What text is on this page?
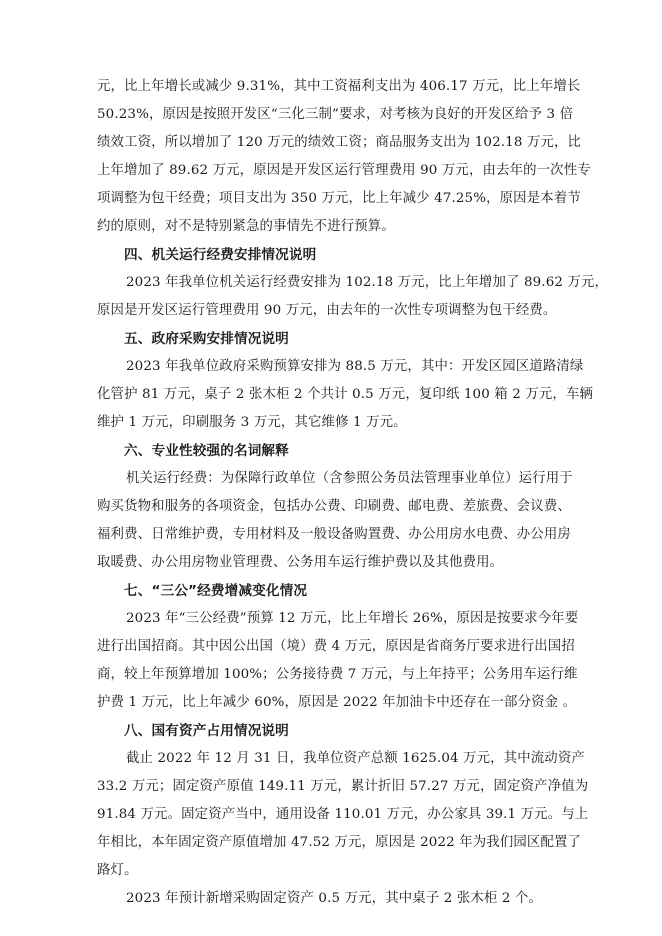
元，比上年增长或减少 9.31%，其中工资福利支出为 406.17 万元，比上年增长
50.23%，原因是按照开发区“三化三制”要求，对考核为良好的开发区给予 3 倍
绩效工资，所以增加了 120 万元的绩效工资；商品服务支出为 102.18 万元，比
上年增加了 89.62 万元，原因是开发区运行管理费用 90 万元，由去年的一次性专
项调整为包干经费；项目支出为 350 万元，比上年减少 47.25%，原因是本着节
约的原则，对不是特别紧急的事情先不进行预算。
四、机关运行经费安排情况说明
2023 年我单位机关运行经费安排为 102.18 万元，比上年增加了 89.62 万元，
原因是开发区运行管理费用 90 万元，由去年的一次性专项调整为包干经费。
五、政府采购安排情况说明
2023 年我单位政府采购预算安排为 88.5 万元，其中：开发区园区道路清绿
化管护 81 万元，桌子 2 张木柜 2 个共计 0.5 万元，复印纸 100 箱 2 万元，车辆
维护 1 万元，印刷服务 3 万元，其它维修 1 万元。
六、专业性较强的名词解释
机关运行经费：为保障行政单位（含参照公务员法管理事业单位）运行用于
购买货物和服务的各项资金，包括办公费、印刷费、邮电费、差旅费、会议费、
福利费、日常维护费，专用材料及一般设备购置费、办公用房水电费、办公用房
取暖费、办公用房物业管理费、公务用车运行维护费以及其他费用。
七、“三公”经费增减变化情况
2023 年“三公经费”预算 12 万元，比上年增长 26%，原因是按要求今年要
进行出国招商。其中因公出国（境）费 4 万元，原因是省商务厅要求进行出国招
商，较上年预算增加 100%；公务接待费 7 万元，与上年持平；公务用车运行维
护费 1 万元，比上年减少 60%，原因是 2022 年加油卡中还存在一部分资金 。
八、国有资产占用情况说明
截止 2022 年 12 月 31 日，我单位资产总额 1625.04 万元，其中流动资产
33.2 万元；固定资产原值 149.11 万元，累计折旧 57.27 万元，固定资产净值为
91.84 万元。固定资产当中，通用设备 110.01 万元，办公家具 39.1 万元。与上
年相比，本年固定资产原值增加 47.52 万元，原因是 2022 年为我们园区配置了
路灯。
2023 年预计新增采购固定资产 0.5 万元，其中桌子 2 张木柜 2 个。
